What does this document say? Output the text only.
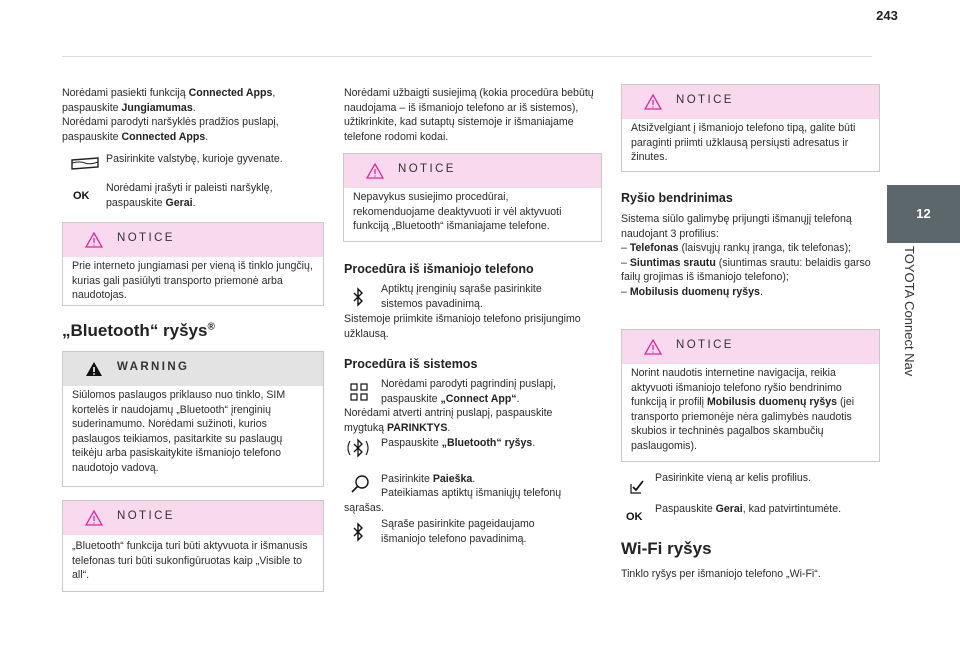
243
12
TOYOTA Connect Nav

Norėdami pasiekti funkciją Connected Apps, paspauskite Jungiamumas.

Norėdami parodyti naršyklės pradžios puslapį, paspauskite Connected Apps.

Pasirinkite valstybę, kurioje gyvenate.
OK
Norėdami įrašyti ir paleisti naršyklę, paspauskite Gerai.
NOTICE
Prie interneto jungiamasi per vieną iš tinklo jungčių, kurias gali pasiūlyti transporto priemonė arba naudotojas.
„Bluetooth“ ryšys®
WARNING
Siūlomos paslaugos priklauso nuo tinklo, SIM kortelės ir naudojamų „Bluetooth“ įrenginių suderinamumo. Norėdami sužinoti, kurios paslaugos teikiamos, pasitarkite su paslaugų teikėju arba pasiskaitykite išmaniojo telefono naudotojo vadovą.
NOTICE
„Bluetooth“ funkcija turi būti aktyvuota ir išmanusis telefonas turi būti sukonfigūruotas kaip „Visible to all“.
Norėdami užbaigti susiejimą (kokia procedūra bebūtų naudojama – iš išmaniojo telefono ar iš sistemos), užtikrinkite, kad sutaptų sistemoje ir išmaniajame telefone rodomi kodai.
NOTICE
Nepavykus susiejimo procedūrai, rekomenduojame deaktyvuoti ir vėl aktyvuoti funkciją „Bluetooth“ išmaniajame telefone.
Procedūra iš išmaniojo telefono
Aptiktų įrenginių sąraše pasirinkite sistemos pavadinimą.
Sistemoje priimkite išmaniojo telefono prisijungimo užklausą.
Procedūra iš sistemos
Norėdami parodyti pagrindinį puslapį, paspauskite „Connect App“.
Norėdami atverti antrinį puslapį, paspauskite mygtuką PARINKTYS.
Paspauskite „Bluetooth“ ryšys.
Pasirinkite Paieška.
Pateikiamas aptiktų išmaniųjų telefonų sąrašas.
Sąraše pasirinkite pageidaujamo išmaniojo telefono pavadinimą.
NOTICE
Atsižvelgiant į išmaniojo telefono tipą, galite būti paraginti priimti užklausą persiųsti adresatus ir žinutes.
Ryšio bendrinimas

Sistema siūlo galimybę prijungti išmanųjį telefoną naudojant 3 profilius:

– Telefonas (laisvųjų rankų įranga, tik telefonas);

– Siuntimas srautu (siuntimas srautu: belaidis garso failų grojimas iš išmaniojo telefono);

– Mobilusis duomenų ryšys.

NOTICE
Norint naudotis internetine navigacija, reikia aktyvuoti išmaniojo telefono ryšio bendrinimo funkciją ir profilį Mobilusis duomenų ryšys (jei transporto priemonėje nėra galimybės naudotis skubios ir techninės pagalbos skambučių paslaugomis).
Pasirinkite vieną ar kelis profilius.
OK
Paspauskite Gerai, kad patvirtintumėte.
Wi-Fi ryšys
Tinklo ryšys per išmaniojo telefono „Wi-Fi“.
